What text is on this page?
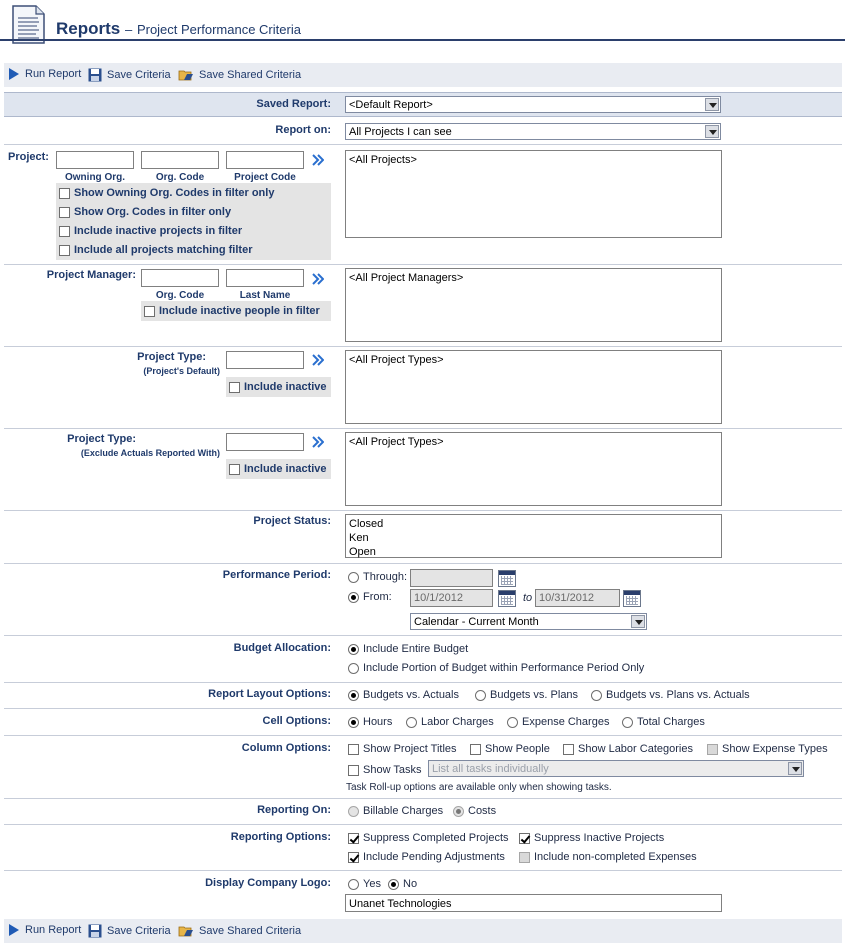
Reports – Project Performance Criteria
Run Report Save Criteria	Save Shared Criteria
Saved Report:	<Default Report>
Report on:	All Projects I can see
Project:
Owning Org.	Org. Code	Project Code
Show Owning Org. Codes in filter only
Show Org. Codes in filter only
Include inactive projects in filter
Include all projects matching filter
<All Projects>
Project Manager:
Org. Code	Last Name
Include inactive people in filter
<All Project Managers>
Project Type:
(Project's Default)
Include inactive
<All Project Types>
Project Type:
(Exclude Actuals Reported With)
Include inactive
<All Project Types>
Project Status: Closed
Ken
Open
Performance Period:	Through:
From:	10/1/2012	to 10/31/2012
Calendar - Current Month
Budget Allocation:	Include Entire Budget
Include Portion of Budget within Performance Period Only
Report Layout Options:	Budgets vs. Actuals	Budgets vs. Plans	Budgets vs. Plans vs. Actuals
Cell Options:	Hours	Labor Charges	Expense Charges	Total Charges
Column Options:	Show Project Titles	Show People	Show Labor Categories	Show Expense Types
Show Tasks List all tasks individually
Task Roll-up options are available only when showing tasks.
Reporting On:	Billable Charges Costs
Reporting Options:	Suppress Completed Projects Suppress Inactive Projects
Include Pending Adjustments	Include non-completed Expenses
Display Company Logo:	Yes No
Unanet Technologies
Run Report Save Criteria	Save Shared Criteria
